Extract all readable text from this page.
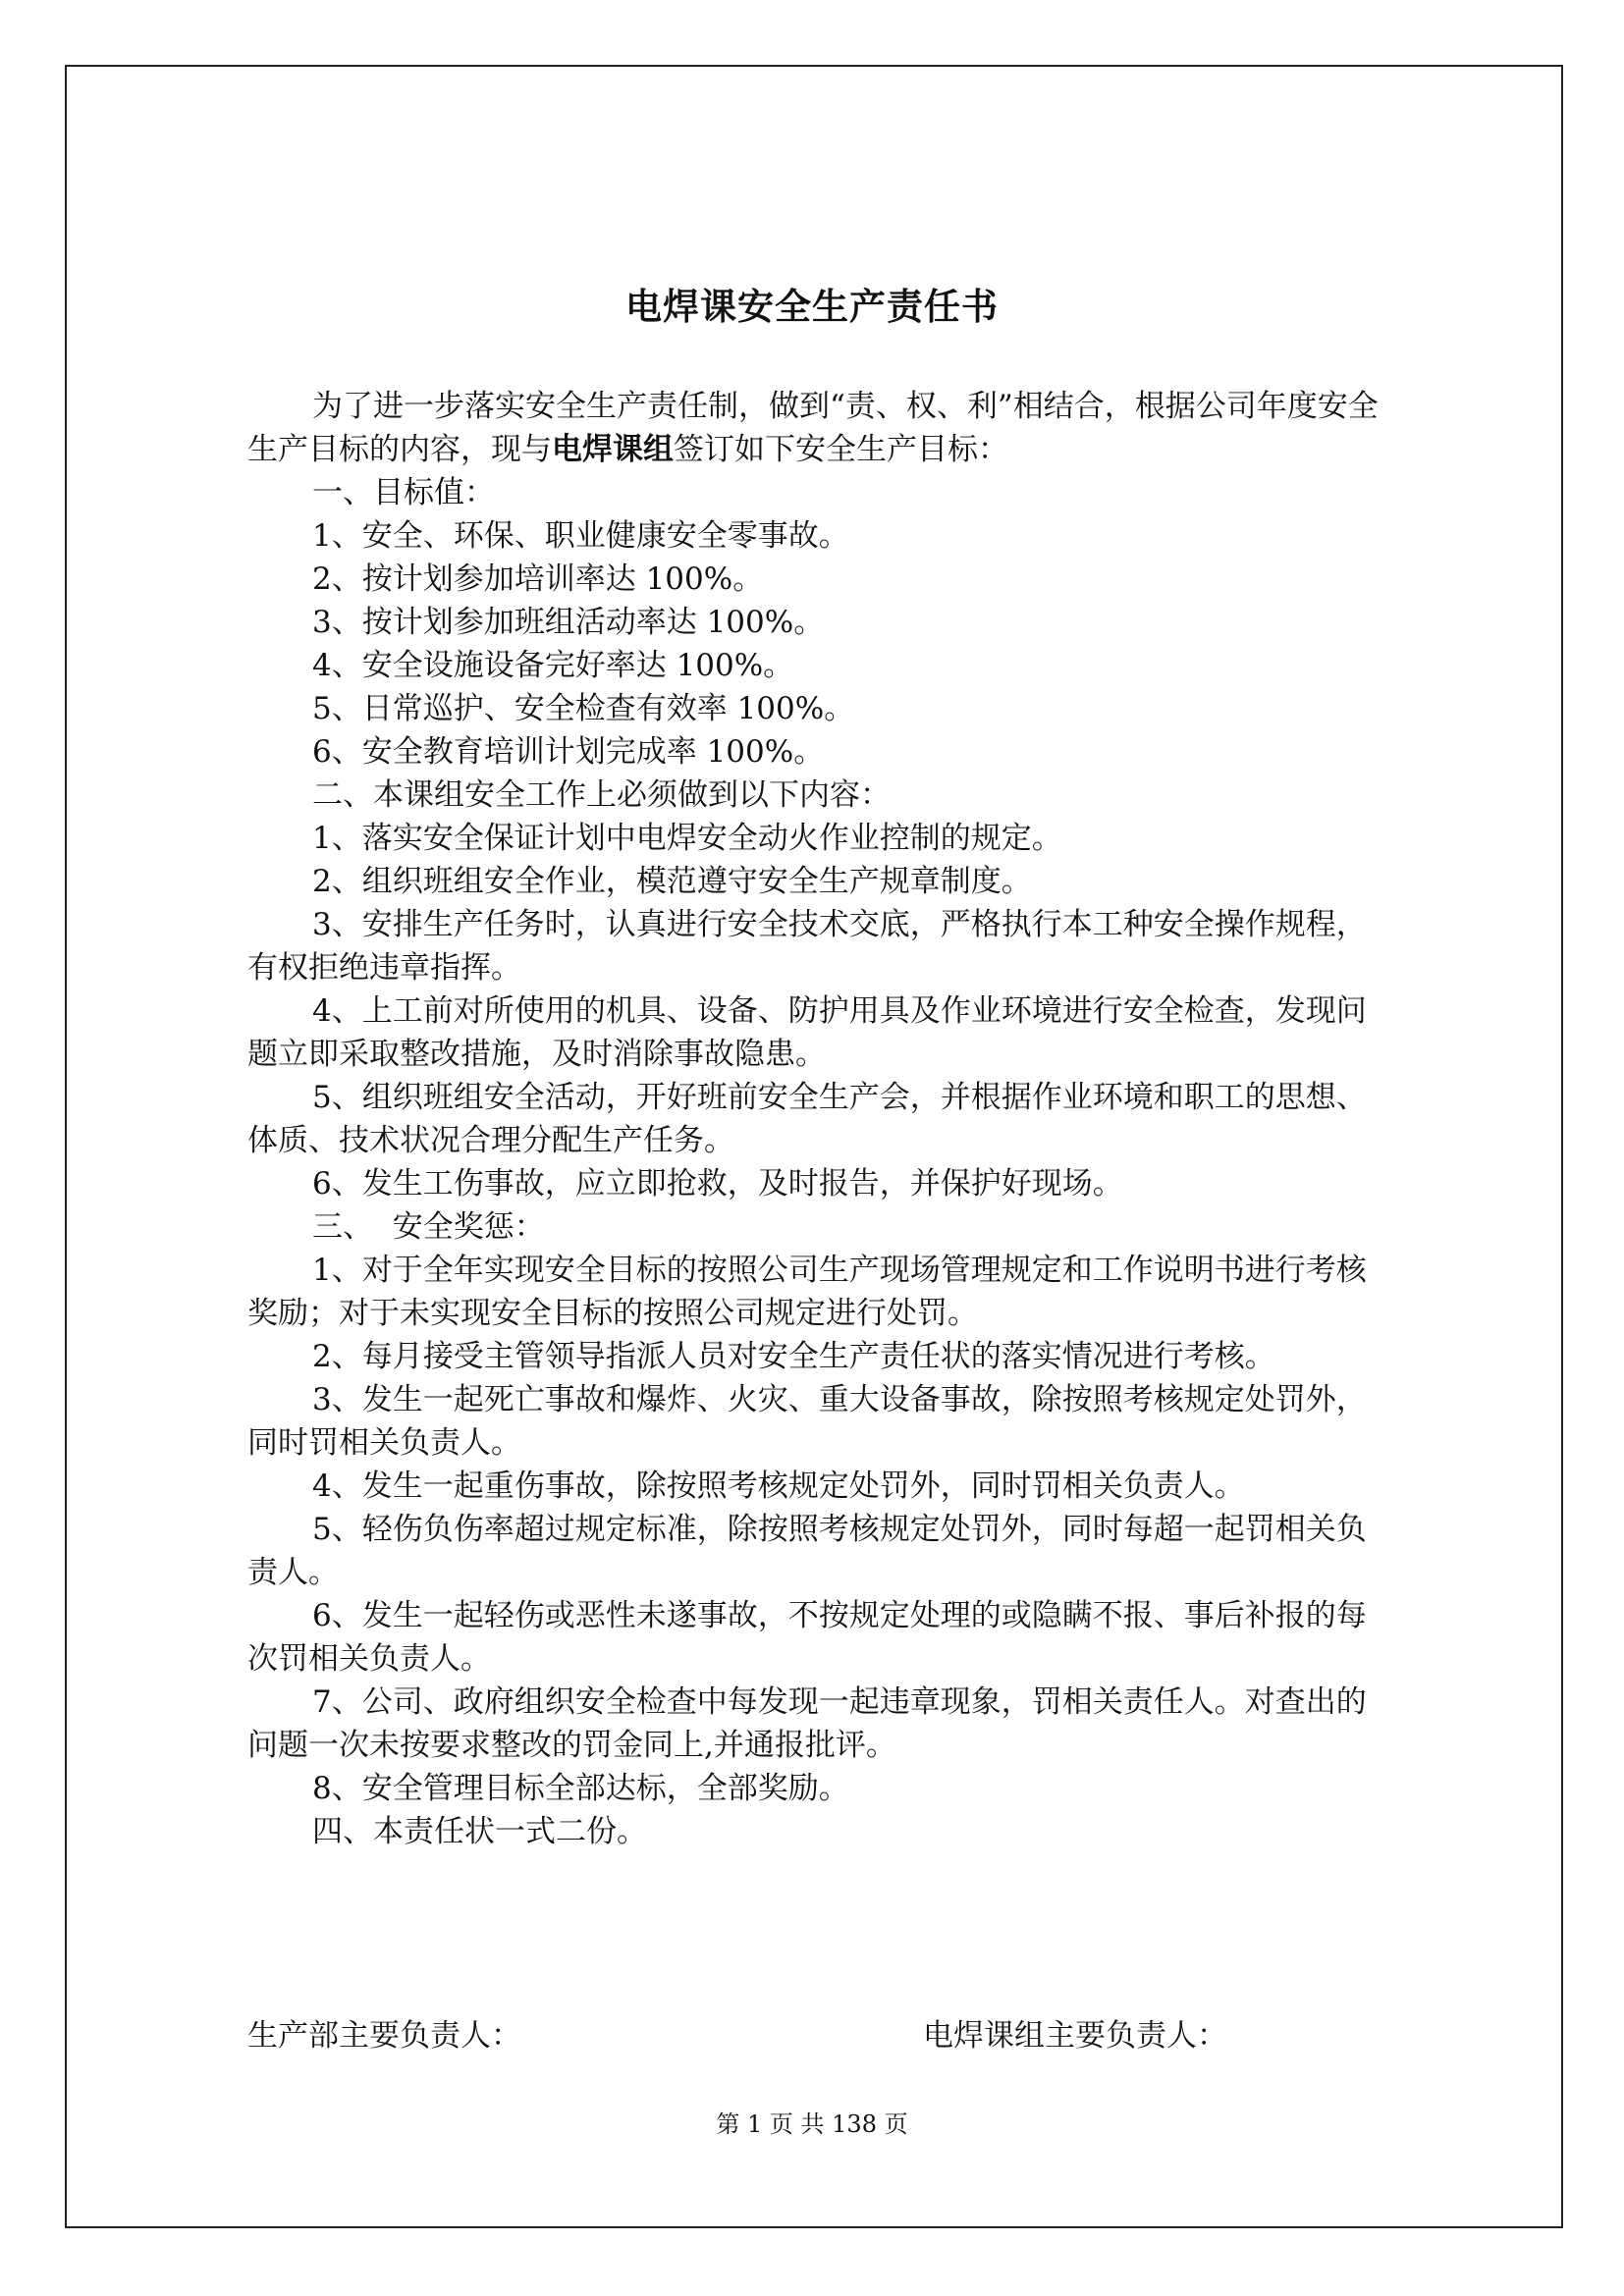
电焊课安全生产责任书

为了进一步落实安全生产责任制，做到“责、权、利”相结合，根据公司年度安全生产目标的内容，现与电焊课组签订如下安全生产目标：

一、目标值：

1、安全、环保、职业健康安全零事故。

2、按计划参加培训率达 100%。

3、按计划参加班组活动率达 100%。

4、安全设施设备完好率达 100%。

5、日常巡护、安全检查有效率 100%。

6、安全教育培训计划完成率 100%。

二、本课组安全工作上必须做到以下内容：

1、落实安全保证计划中电焊安全动火作业控制的规定。

2、组织班组安全作业，模范遵守安全生产规章制度。

3、安排生产任务时，认真进行安全技术交底，严格执行本工种安全操作规程，有权拒绝违章指挥。

4、上工前对所使用的机具、设备、防护用具及作业环境进行安全检查，发现问题立即采取整改措施，及时消除事故隐患。

5、组织班组安全活动，开好班前安全生产会，并根据作业环境和职工的思想、体质、技术状况合理分配生产任务。

6、发生工伤事故，应立即抢救，及时报告，并保护好现场。

三、  安全奖惩：

1、对于全年实现安全目标的按照公司生产现场管理规定和工作说明书进行考核奖励；对于未实现安全目标的按照公司规定进行处罚。

2、每月接受主管领导指派人员对安全生产责任状的落实情况进行考核。

3、发生一起死亡事故和爆炸、火灾、重大设备事故，除按照考核规定处罚外，同时罚相关负责人。

4、发生一起重伤事故，除按照考核规定处罚外，同时罚相关负责人。

5、轻伤负伤率超过规定标准，除按照考核规定处罚外，同时每超一起罚相关负责人。

6、发生一起轻伤或恶性未遂事故，不按规定处理的或隐瞒不报、事后补报的每次罚相关负责人。

7、公司、政府组织安全检查中每发现一起违章现象，罚相关责任人。对查出的问题一次未按要求整改的罚金同上,并通报批评。

8、安全管理目标全部达标，全部奖励。

四、本责任状一式二份。

生产部主要负责人：	电焊课组主要负责人：
第 1 页 共 138 页
